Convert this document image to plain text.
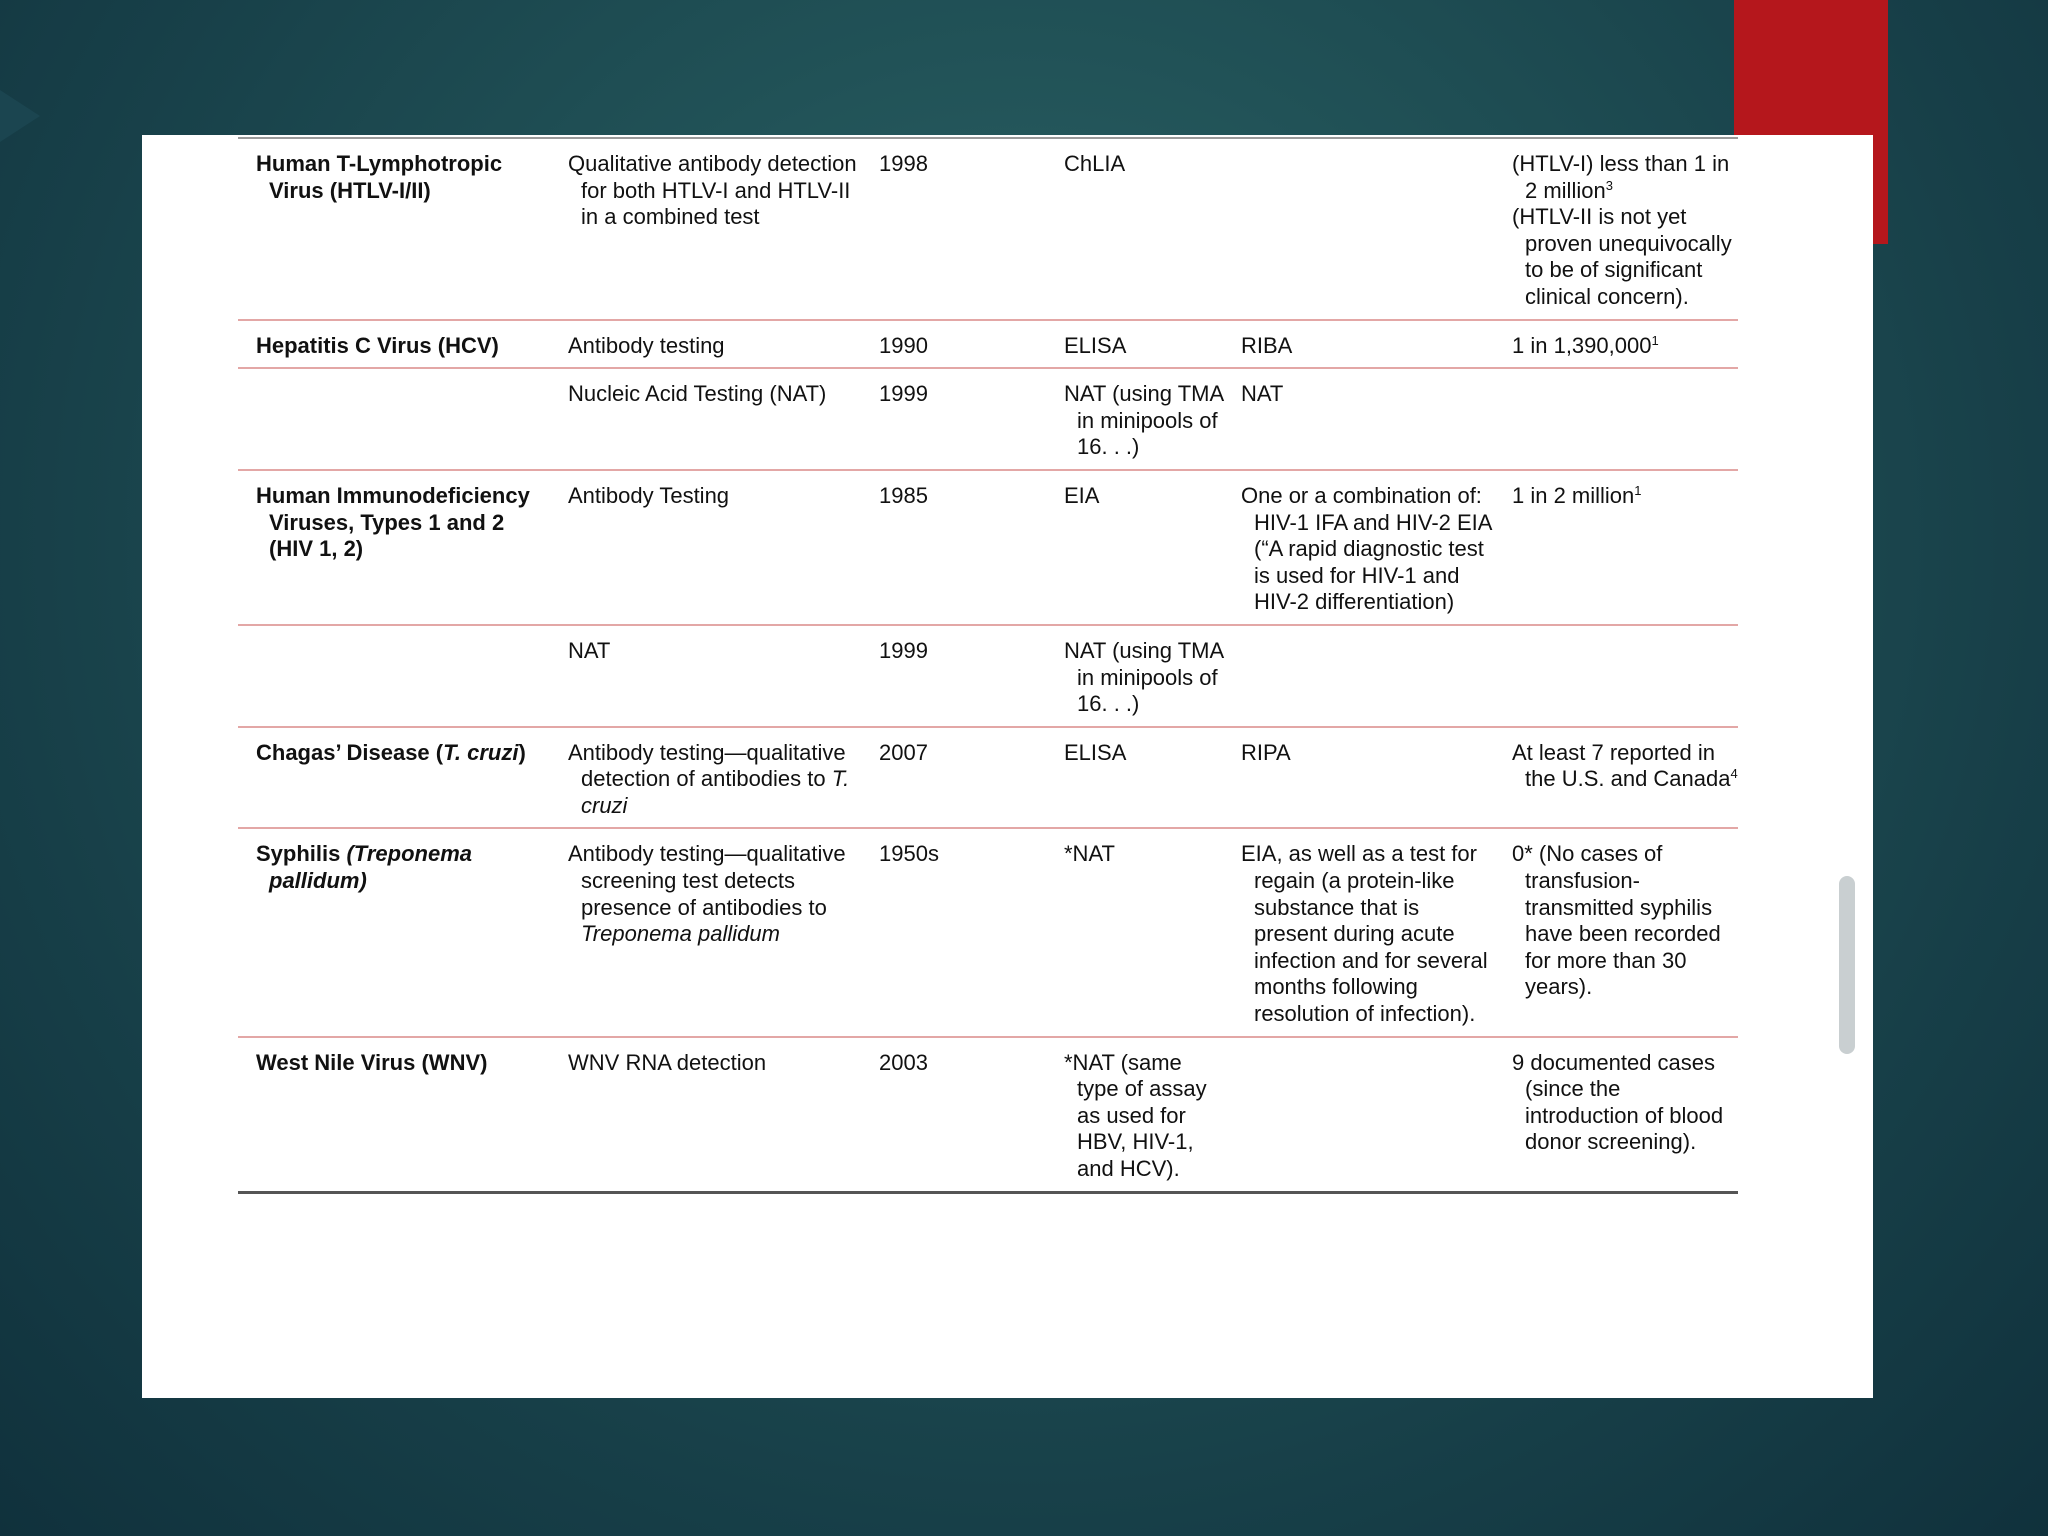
Human T-Lymphotropic Virus (HTLV-I/II)	Qualitative antibody detection for both HTLV-I and HTLV-II in a combined test	1998	ChLIA		(HTLV-I) less than 1 in 2 million$^3$
(HTLV-II is not yet proven unequivocally to be of significant clinical concern).

Hepatitis C Virus (HCV)	Antibody testing	1990	ELISA	RIBA	1 in 1,390,000$^1$

	Nucleic Acid Testing (NAT)	1999	NAT (using TMA in minipools of 16. . .)	NAT	

Human Immunodeficiency Viruses, Types 1 and 2 (HIV 1, 2)	Antibody Testing	1985	EIA	One or a combination of: HIV-1 IFA and HIV-2 EIA (“A rapid diagnostic test is used for HIV-1 and HIV-2 differentiation)	1 in 2 million$^1$

	NAT	1999	NAT (using TMA in minipools of 16. . .)		

Chagas’ Disease (T. cruzi)	Antibody testing—qualitative detection of antibodies to T. cruzi	2007	ELISA	RIPA	At least 7 reported in the U.S. and Canada$^4$

Syphilis (Treponema pallidum)	Antibody testing—qualitative screening test detects presence of antibodies to Treponema pallidum	1950s	*NAT	EIA, as well as a test for regain (a protein-like substance that is present during acute infection and for several months following resolution of infection).	0* (No cases of transfusion-transmitted syphilis have been recorded for more than 30 years).

West Nile Virus (WNV)	WNV RNA detection	2003	*NAT (same type of assay as used for HBV, HIV-1, and HCV).		9 documented cases (since the introduction of blood donor screening).
